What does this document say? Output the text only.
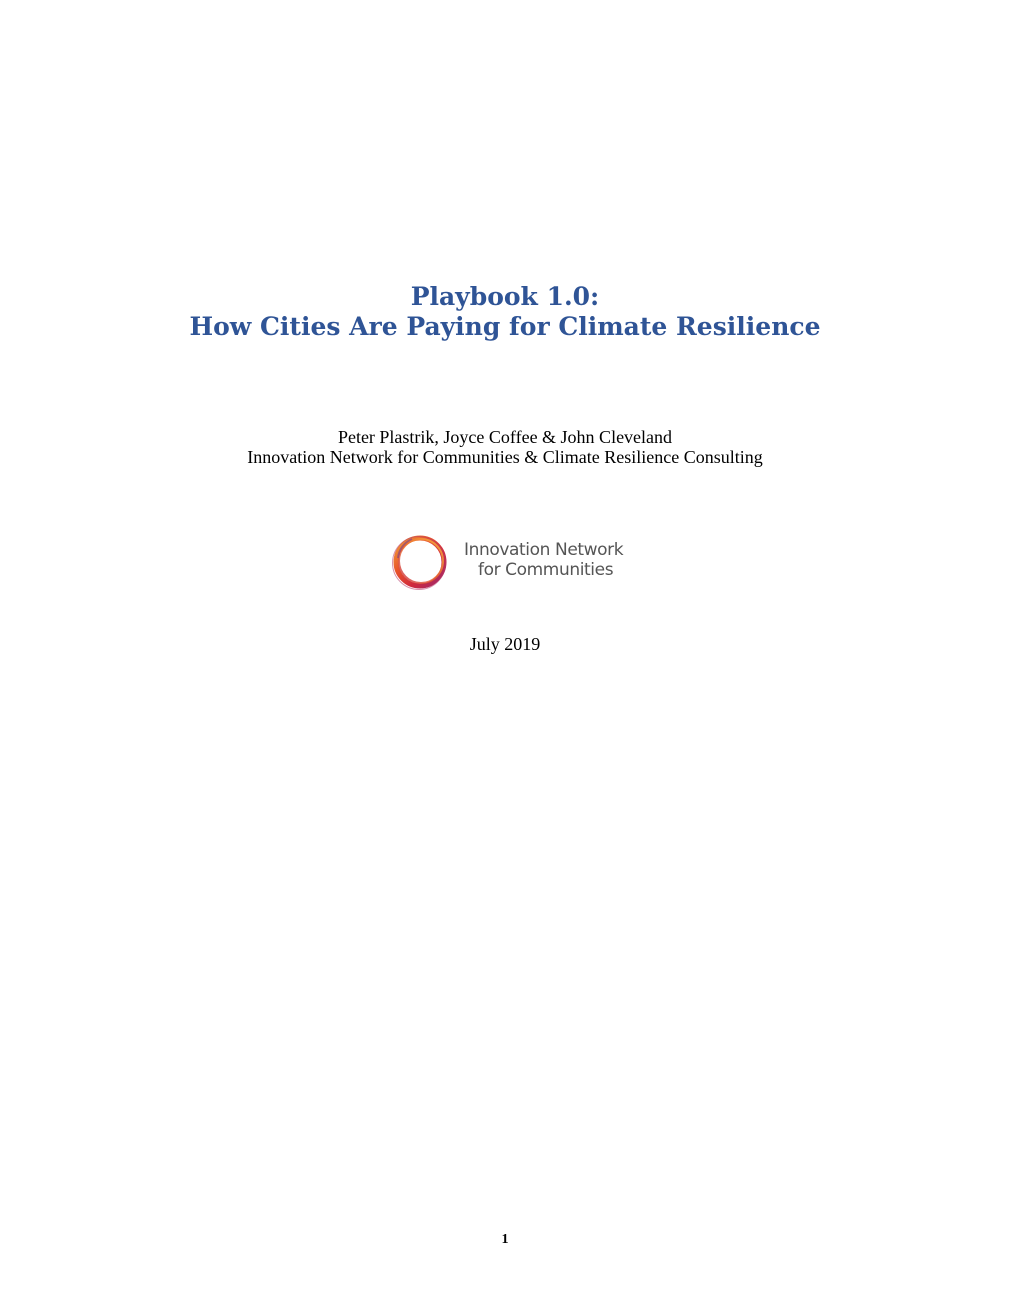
Playbook 1.0:
How Cities Are Paying for Climate Resilience
Peter Plastrik, Joyce Coffee & John Cleveland
Innovation Network for Communities & Climate Resilience Consulting
Innovation Network
for Communities
July 2019
1
